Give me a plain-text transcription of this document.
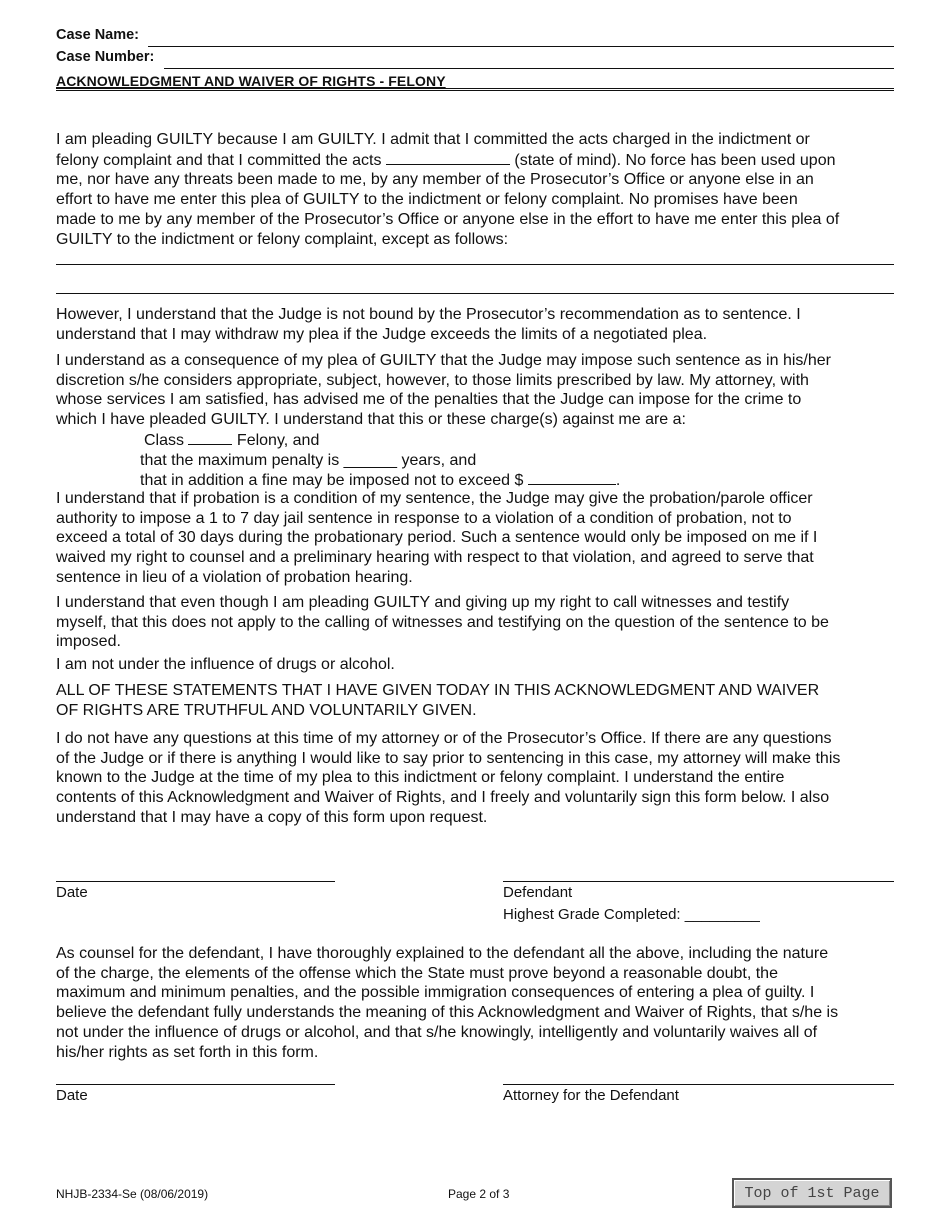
Case Name:
Case Number:
ACKNOWLEDGMENT AND WAIVER OF RIGHTS - FELONY
I am pleading GUILTY because I am GUILTY. I admit that I committed the acts charged in the indictment or
felony complaint and that I committed the acts	(state of mind). No force has been used upon
me, nor have any threats been made to me, by any member of the Prosecutor’s Office or anyone else in an
effort to have me enter this plea of GUILTY to the indictment or felony complaint. No promises have been
made to me by any member of the Prosecutor’s Office or anyone else in the effort to have me enter this plea of
GUILTY to the indictment or felony complaint, except as follows:
However, I understand that the Judge is not bound by the Prosecutor’s recommendation as to sentence. I
understand that I may withdraw my plea if the Judge exceeds the limits of a negotiated plea.
I understand as a consequence of my plea of GUILTY that the Judge may impose such sentence as in his/her
discretion s/he considers appropriate, subject, however, to those limits prescribed by law. My attorney, with
whose services I am satisfied, has advised me of the penalties that the Judge can impose for the crime to
which I have pleaded GUILTY. I understand that this or these charge(s) against me are a:
Class	Felony, and
that the maximum penalty is ______ years, and
that in addition a fine may be imposed not to exceed $	.
I understand that if probation is a condition of my sentence, the Judge may give the probation/parole officer
authority to impose a 1 to 7 day jail sentence in response to a violation of a condition of probation, not to
exceed a total of 30 days during the probationary period. Such a sentence would only be imposed on me if I
waived my right to counsel and a preliminary hearing with respect to that violation, and agreed to serve that
sentence in lieu of a violation of probation hearing.
I understand that even though I am pleading GUILTY and giving up my right to call witnesses and testify
myself, that this does not apply to the calling of witnesses and testifying on the question of the sentence to be
imposed.
I am not under the influence of drugs or alcohol.
ALL OF THESE STATEMENTS THAT I HAVE GIVEN TODAY IN THIS ACKNOWLEDGMENT AND WAIVER
OF RIGHTS ARE TRUTHFUL AND VOLUNTARILY GIVEN.
I do not have any questions at this time of my attorney or of the Prosecutor’s Office. If there are any questions
of the Judge or if there is anything I would like to say prior to sentencing in this case, my attorney will make this
known to the Judge at the time of my plea to this indictment or felony complaint. I understand the entire
contents of this Acknowledgment and Waiver of Rights, and I freely and voluntarily sign this form below. I also
understand that I may have a copy of this form upon request.
Date	Defendant
Highest Grade Completed: _________
As counsel for the defendant, I have thoroughly explained to the defendant all the above, including the nature
of the charge, the elements of the offense which the State must prove beyond a reasonable doubt, the
maximum and minimum penalties, and the possible immigration consequences of entering a plea of guilty. I
believe the defendant fully understands the meaning of this Acknowledgment and Waiver of Rights, that s/he is
not under the influence of drugs or alcohol, and that s/he knowingly, intelligently and voluntarily waives all of
his/her rights as set forth in this form.
Date	Attorney for the Defendant
NHJB-2334-Se (08/06/2019)	Page 2 of 3	Top of 1st Page
